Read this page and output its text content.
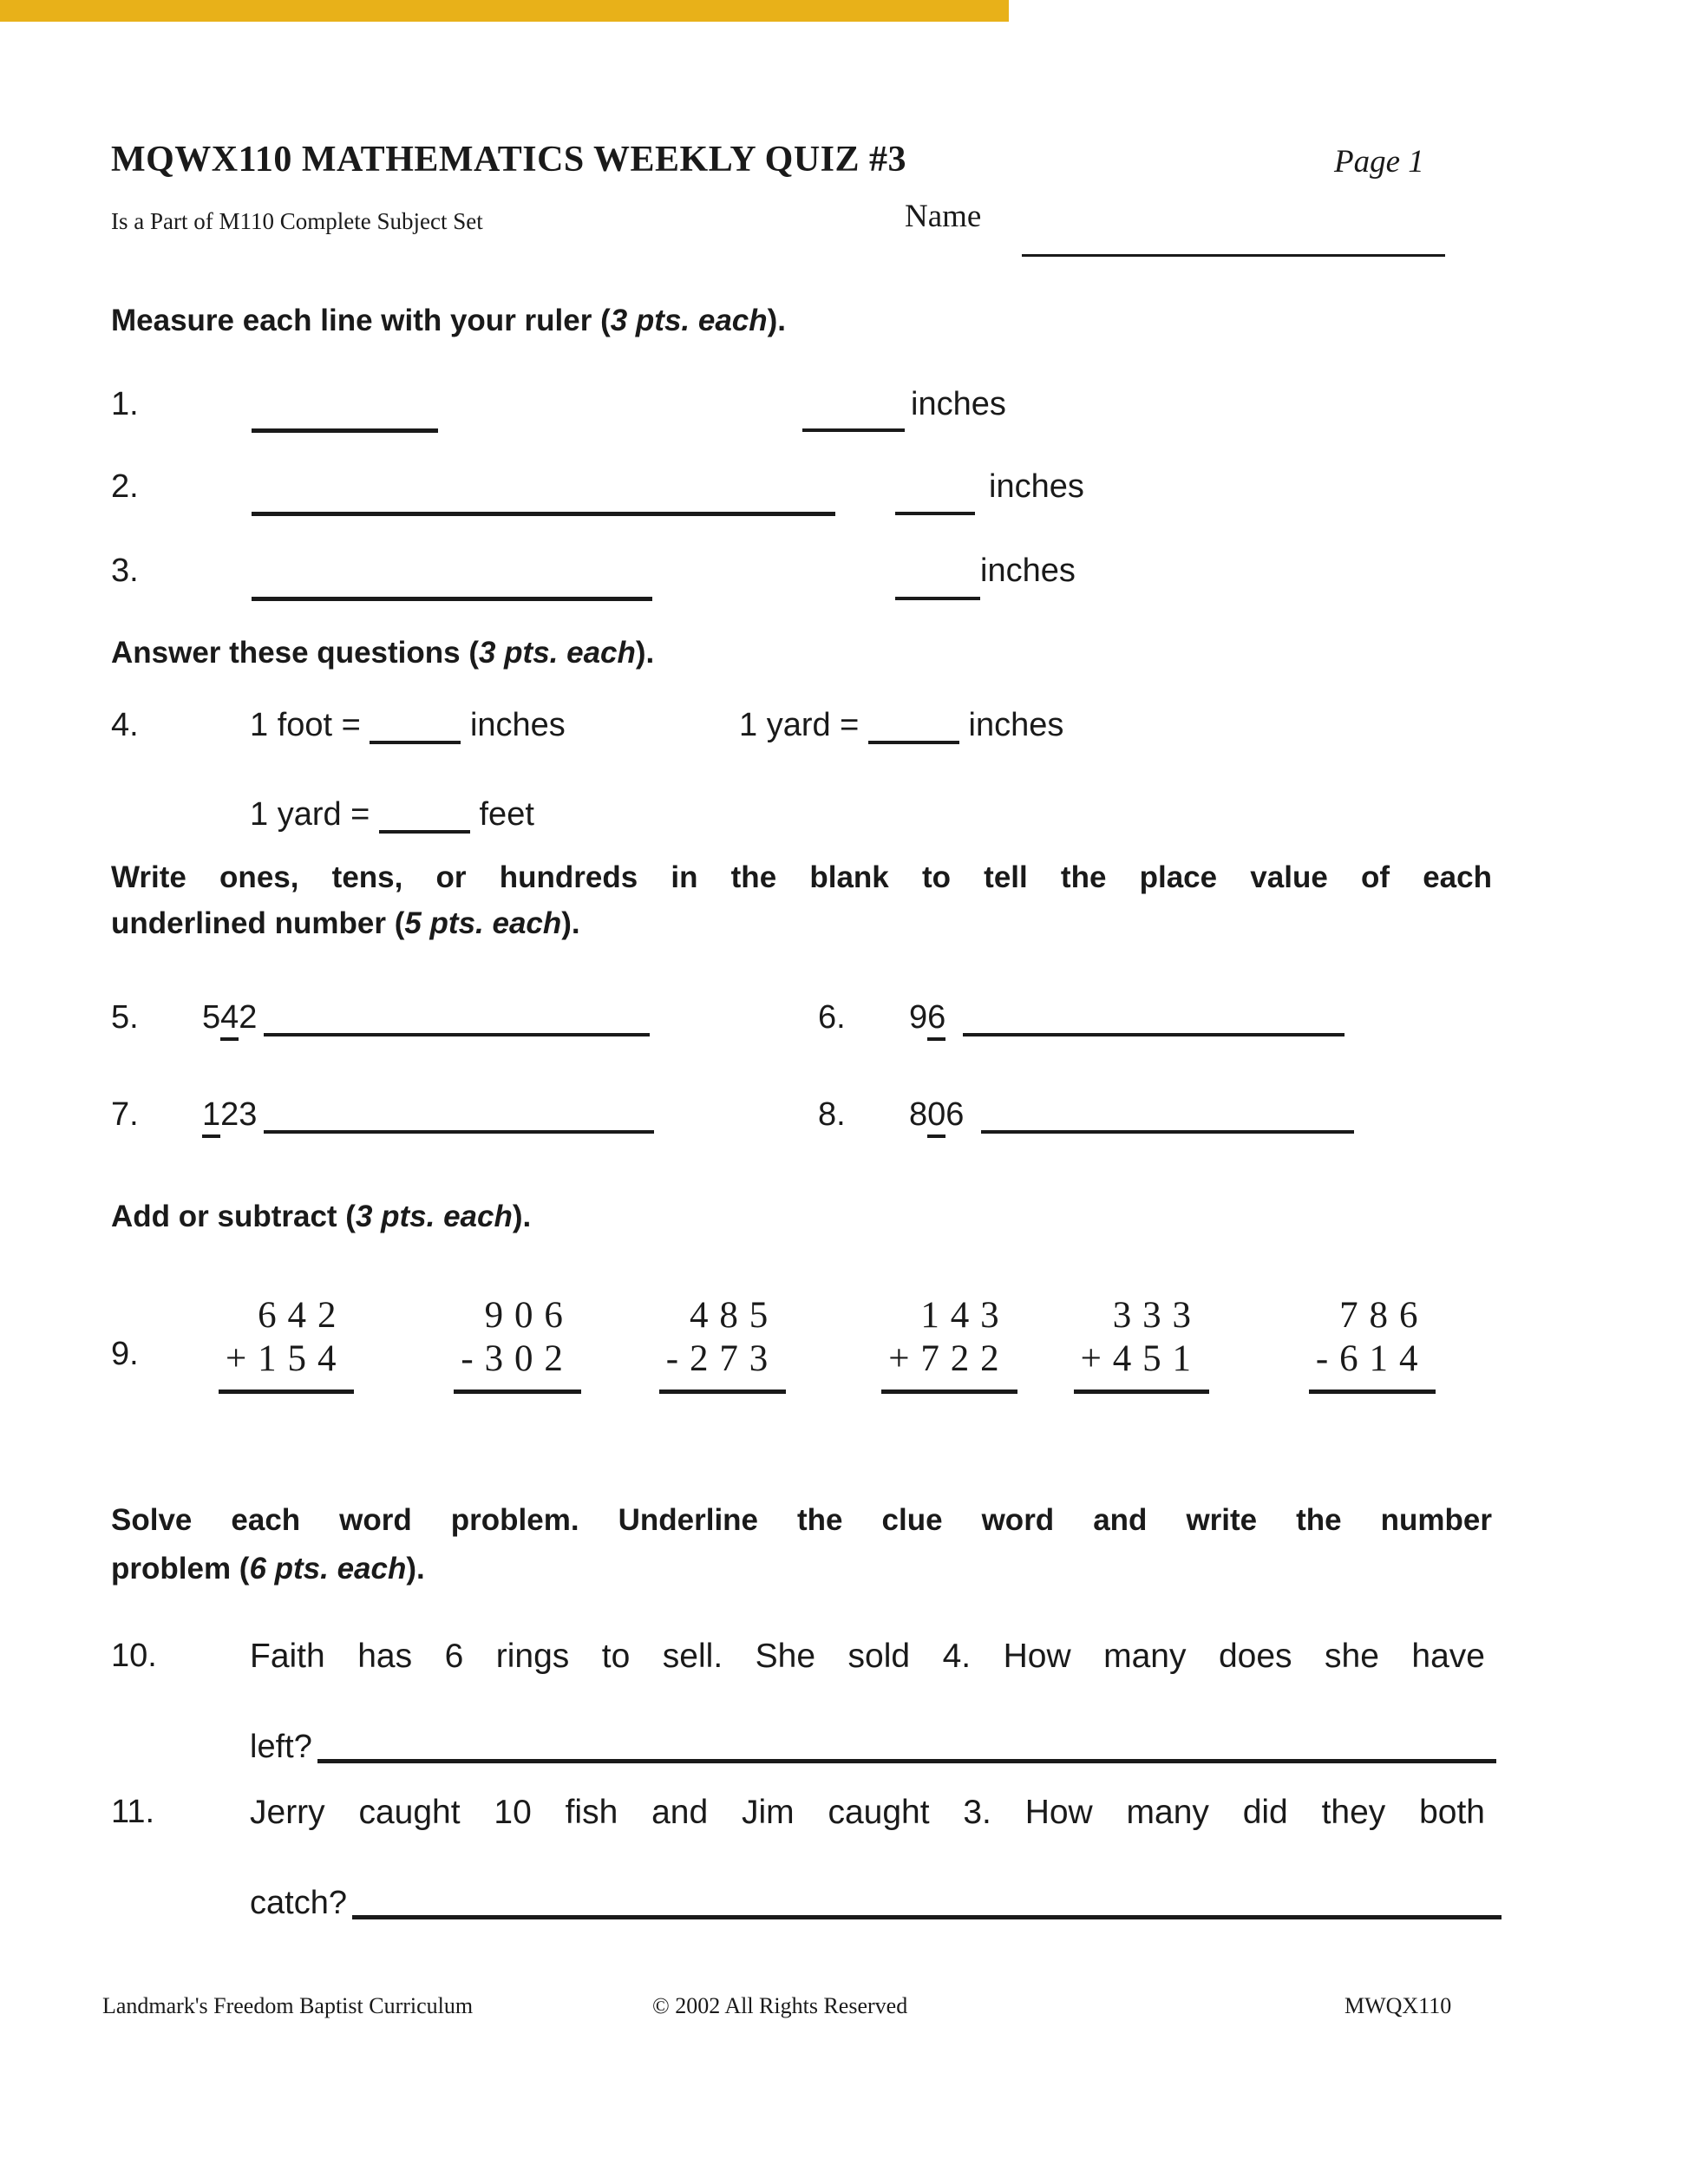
MQWX110 MATHEMATICS WEEKLY QUIZ #3	Page 1
Is a Part of M110 Complete Subject Set	Name
Measure each line with your ruler (3 pts. each).
1.	inches
2.	inches
3.	inches
Answer these questions (3 pts. each).
4.	1 foot =	inches	1 yard =	inches
1 yard =	feet
Write ones, tens, or hundreds in the blank to tell the place value of each
underlined number (5 pts. each).
5. 542	6. 96
7. 123	8. 806
Add or subtract (3 pts. each).
9.
642
+154
906
-302
485
-273
143
+722
333
+451
786
-614
Solve each word problem. Underline the clue word and write the number
problem (6 pts. each).
10.	Faith has 6 rings to sell. She sold 4. How many does she have
left?
11.	Jerry caught 10 fish and Jim caught 3. How many did they both
catch?
Landmark's Freedom Baptist Curriculum	© 2002 All Rights Reserved	MWQX110
